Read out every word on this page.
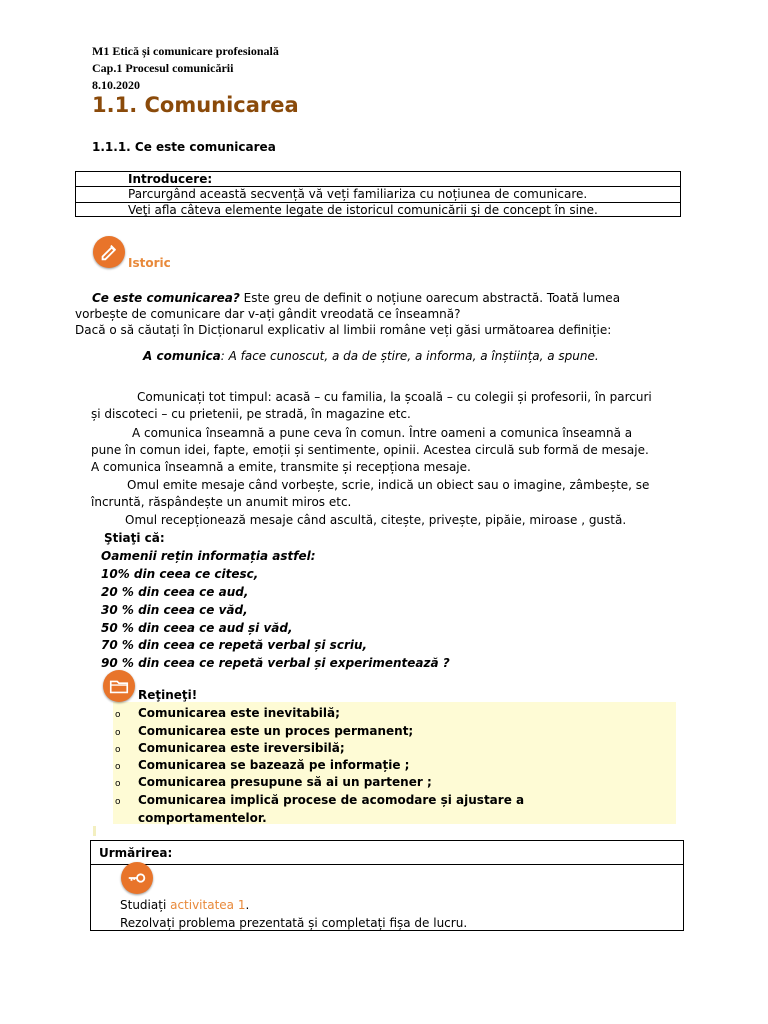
M1 Etică și comunicare profesională
Cap.1 Procesul comunicării
8.10.2020
1.1. Comunicarea
1.1.1. Ce este comunicarea
Introducere:
Parcurgând această secvență vă veți familiariza cu noțiunea de comunicare.
Veţi afla câteva elemente legate de istoricul comunicării şi de concept în sine.
Istoric
Ce este comunicarea? Este greu de definit o noțiune oarecum abstractă. Toată lumea
vorbește de comunicare dar v-ați gândit vreodată ce înseamnă?
Dacă o să căutați în Dicționarul explicativ al limbii române veți găsi următoarea definiție:
A comunica: A face cunoscut, a da de știre, a informa, a înștiința, a spune.
Comunicați tot timpul: acasă – cu familia, la școală – cu colegii și profesorii, în parcuri
și discoteci – cu prietenii, pe stradă, în magazine etc.
A comunica înseamnă a pune ceva în comun. Între oameni a comunica înseamnă a
pune în comun idei, fapte, emoții și sentimente, opinii. Acestea circulă sub formă de mesaje.
A comunica înseamnă a emite, transmite și recepționa mesaje.
Omul emite mesaje când vorbește, scrie, indică un obiect sau o imagine, zâmbește, se
încruntă, răspândește un anumit miros etc.
Omul recepționează mesaje când ascultă, citește, privește, pipăie, miroase , gustă.
Ştiaţi că:
Oamenii rețin informația astfel:
10% din ceea ce citesc,
20 % din ceea ce aud,
30 % din ceea ce văd,
50 % din ceea ce aud și văd,
70 % din ceea ce repetă verbal și scriu,
90 % din ceea ce repetă verbal și experimentează ?
Reţineţi!
o Comunicarea este inevitabilă;
o Comunicarea este un proces permanent;
o Comunicarea este ireversibilă;
o Comunicarea se bazează pe informație ;
o Comunicarea presupune să ai un partener ;
o Comunicarea implică procese de acomodare și ajustare a
comportamentelor.
Urmărirea:
Studiați activitatea 1.
Rezolvați problema prezentată și completați fișa de lucru.
